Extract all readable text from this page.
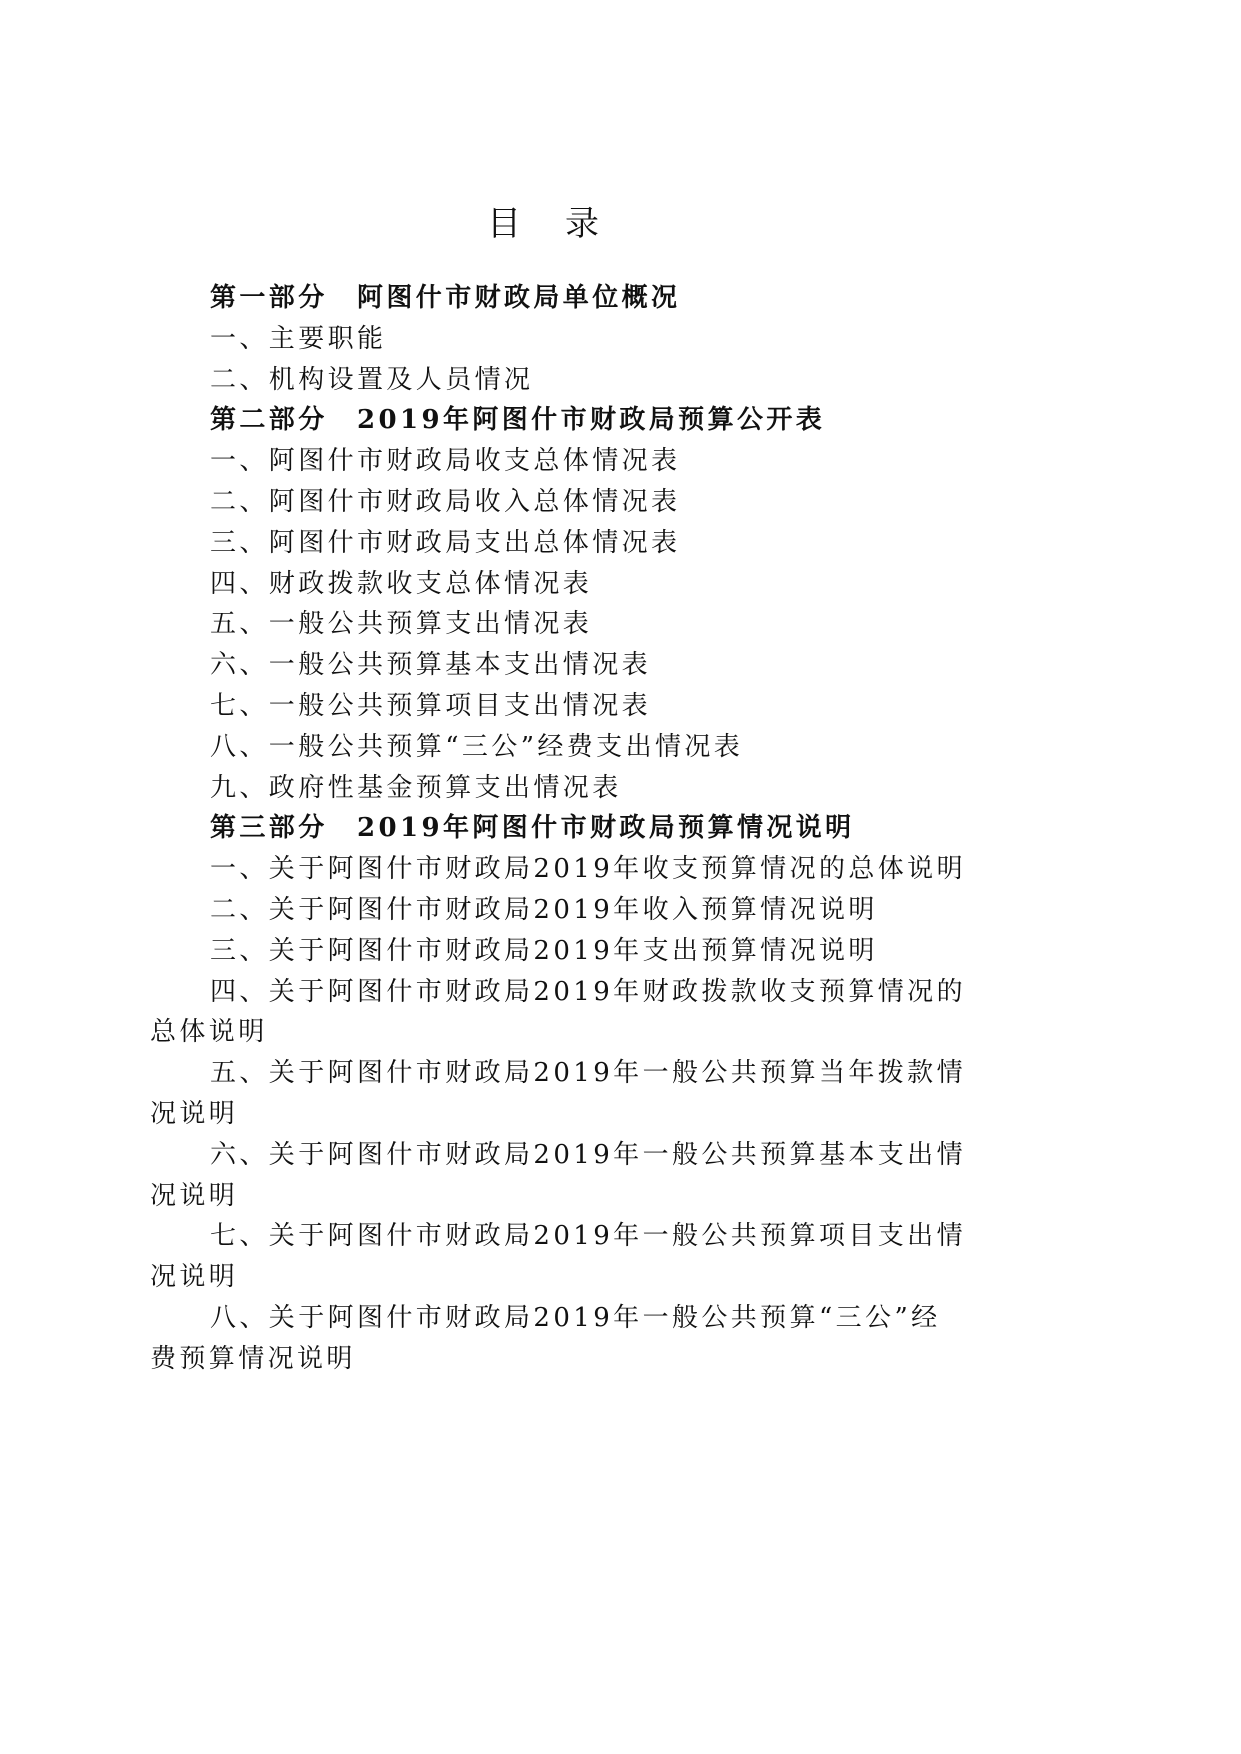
目录
第一部分　阿图什市财政局单位概况
一、主要职能
二、机构设置及人员情况
第二部分　2019年阿图什市财政局预算公开表
一、阿图什市财政局收支总体情况表
二、阿图什市财政局收入总体情况表
三、阿图什市财政局支出总体情况表
四、财政拨款收支总体情况表
五、一般公共预算支出情况表
六、一般公共预算基本支出情况表
七、一般公共预算项目支出情况表
八、一般公共预算“三公”经费支出情况表
九、政府性基金预算支出情况表
第三部分　2019年阿图什市财政局预算情况说明
一、关于阿图什市财政局2019年收支预算情况的总体说明
二、关于阿图什市财政局2019年收入预算情况说明
三、关于阿图什市财政局2019年支出预算情况说明
四、关于阿图什市财政局2019年财政拨款收支预算情况的
总体说明
五、关于阿图什市财政局2019年一般公共预算当年拨款情
况说明
六、关于阿图什市财政局2019年一般公共预算基本支出情
况说明
七、关于阿图什市财政局2019年一般公共预算项目支出情
况说明
八、关于阿图什市财政局2019年一般公共预算“三公”经
费预算情况说明
